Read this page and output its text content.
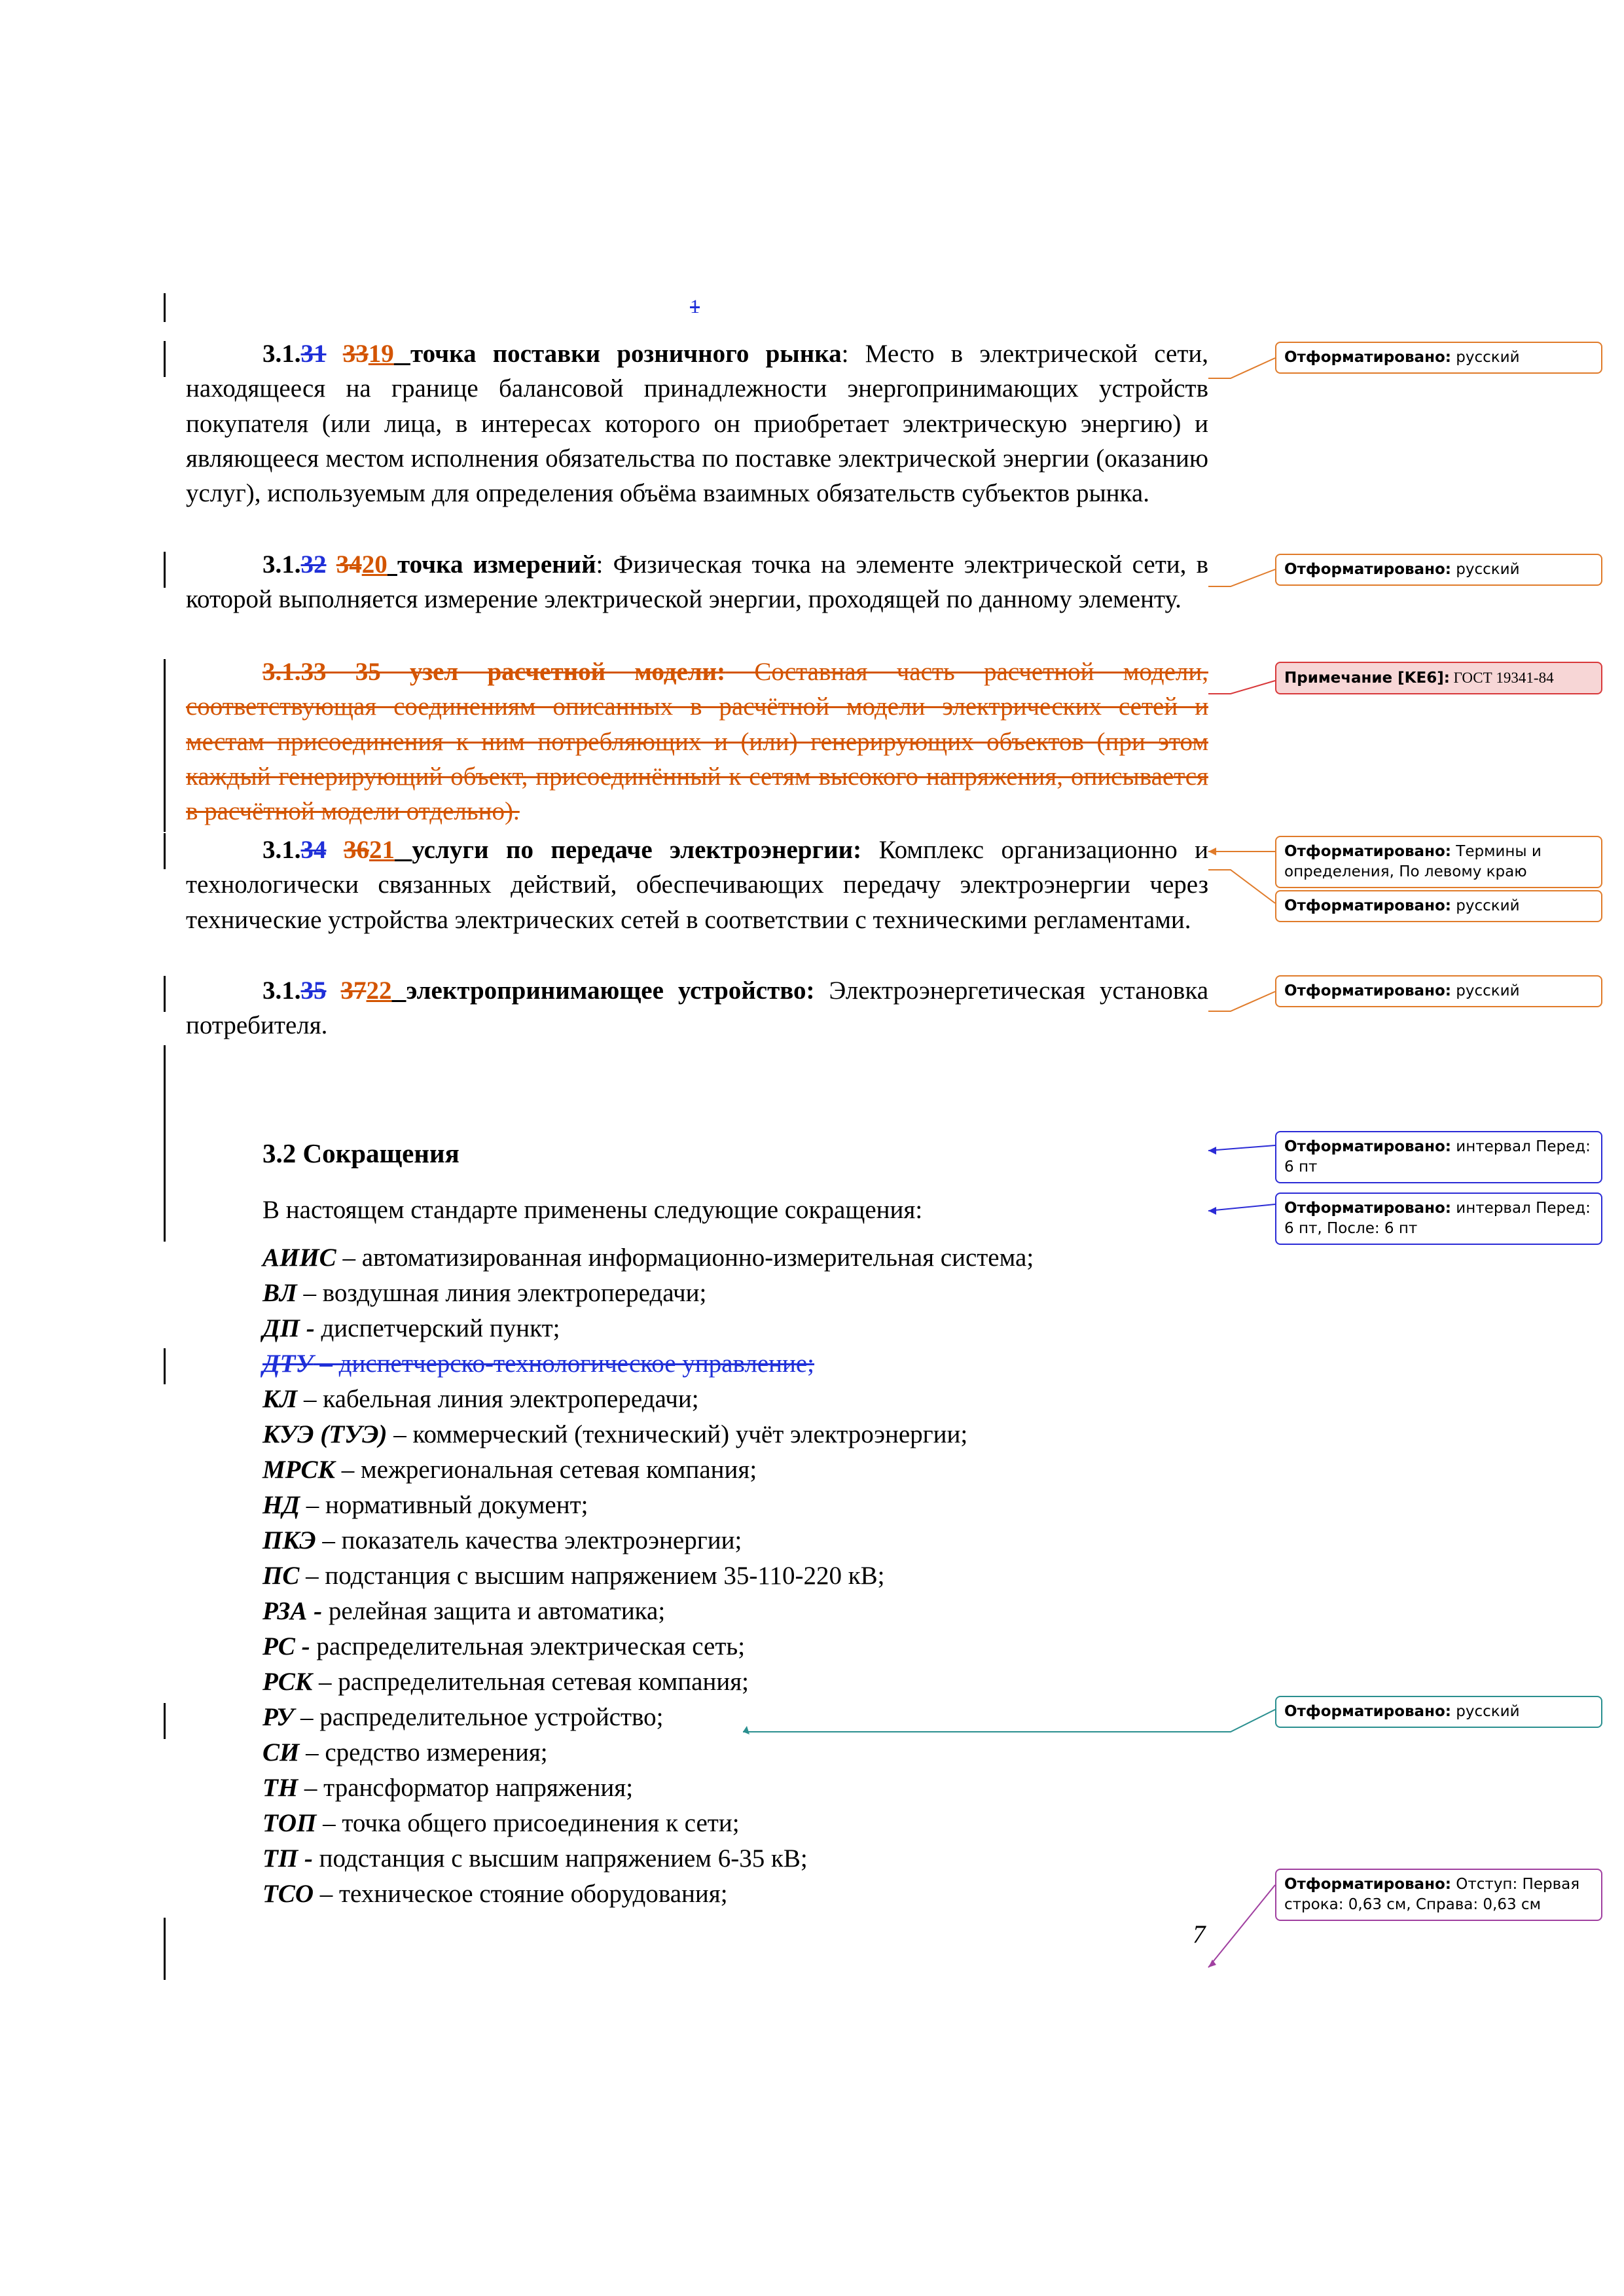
1

3.1.31 3319 точка поставки розничного рынка: Место в электрической сети, находящееся на границе балансовой принадлежности энергопринимающих устройств покупателя (или лица, в интересах которого он приобретает электрическую энергию) и являющееся местом исполнения обязательства по поставке электрической энергии (оказанию услуг), используемым для определения объёма взаимных обязательств субъектов рынка.

3.1.32 3420 точка измерений: Физическая точка на элементе электрической сети, в которой выполняется измерение электрической энергии, проходящей по данному элементу.

3.1.33 35 узел расчетной модели: Составная часть расчетной модели, соответствующая соединениям описанных в расчётной модели электрических сетей и местам присоединения к ним потребляющих и (или) генерирующих объектов (при этом каждый генерирующий объект, присоединённый к сетям высокого напряжения, описывается в расчётной модели отдельно).

3.1.34 3621 услуги по передаче электроэнергии: Комплекс организационно и технологически связанных действий, обеспечивающих передачу электроэнергии через технические устройства электрических сетей в соответствии с техническими регламентами.

3.1.35 3722 электропринимающее устройство: Электроэнергетическая установка потребителя.

3.2 Сокращения
В настоящем стандарте применены следующие сокращения:
АИИС – автоматизированная информационно-измерительная система;
ВЛ – воздушная линия электропередачи;
ДП - диспетчерский пункт;
ДТУ – диспетчерско-технологическое управление;
КЛ – кабельная линия электропередачи;
КУЭ (ТУЭ) – коммерческий (технический) учёт электроэнергии;
МРСК – межрегиональная сетевая компания;
НД – нормативный документ;
ПКЭ – показатель качества электроэнергии;
ПС – подстанция с высшим напряжением 35-110-220 кВ;
РЗА - релейная защита и автоматика;
РС - распределительная электрическая сеть;
РСК – распределительная сетевая компания;
РУ – распределительное устройство;
СИ – средство измерения;
ТН – трансформатор напряжения;
ТОП – точка общего присоединения к сети;
ТП - подстанция с высшим напряжением 6-35 кВ;
ТСО – техническое стояние оборудования;
7
Отформатировано: русский
Отформатировано: русский
Примечание [KE6]: ГОСТ 19341-84
Отформатировано: Термины и определения, По левому краю
Отформатировано: русский
Отформатировано: русский
Отформатировано: интервал Перед: 6 пт
Отформатировано: интервал Перед: 6 пт, После: 6 пт
Отформатировано: русский
Отформатировано: Отступ: Первая строка: 0,63 см, Справа: 0,63 см
